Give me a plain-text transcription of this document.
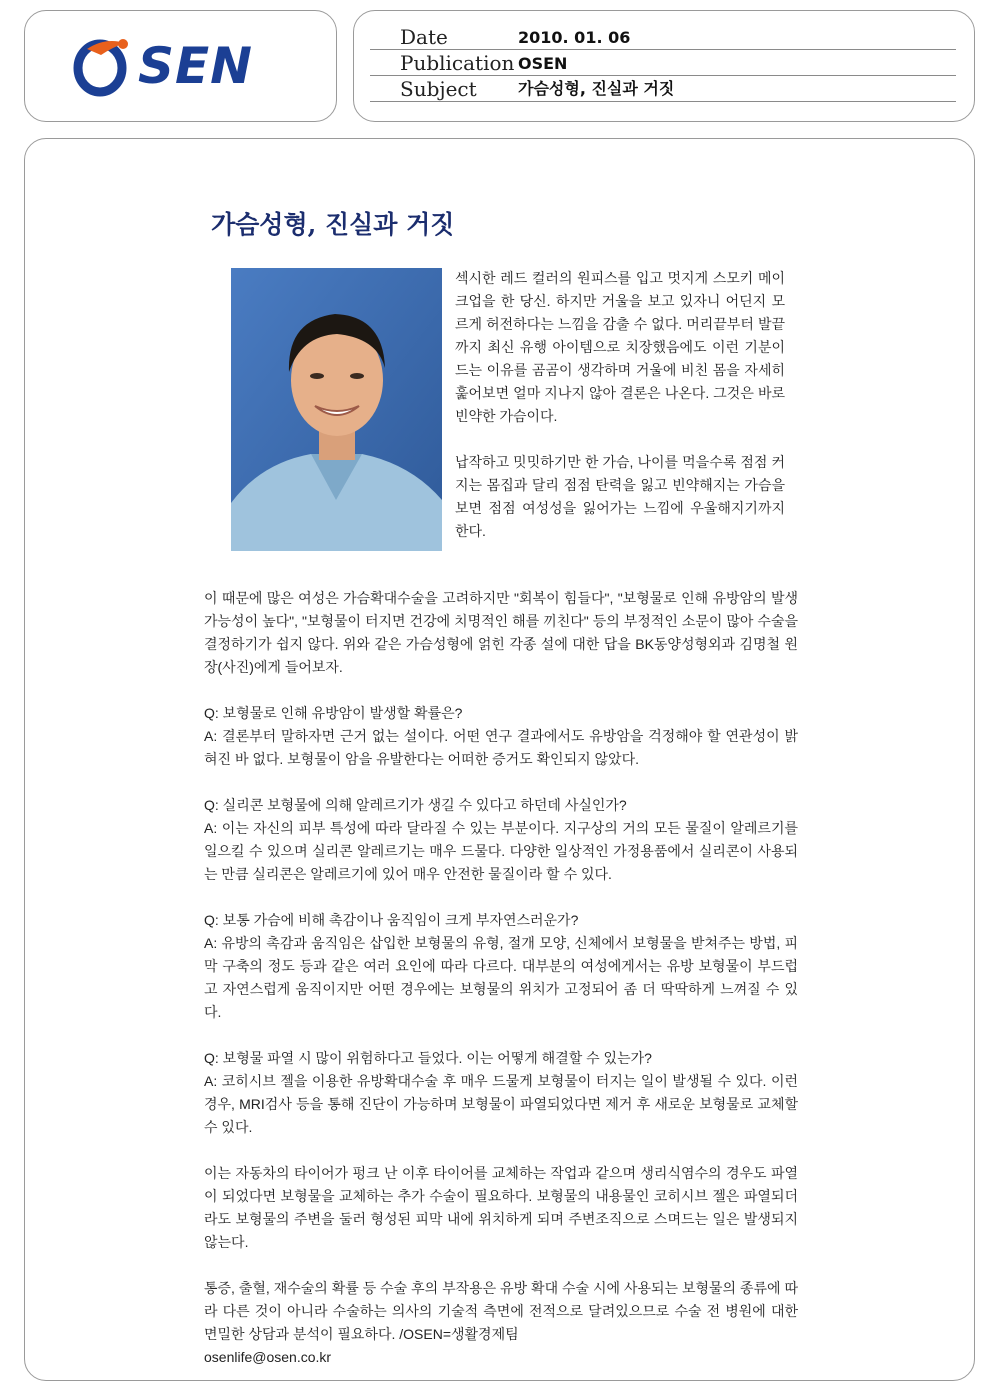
SEN	Date	2010. 01. 06
Publication OSEN
Subject	가슴성형, 진실과 거짓
가슴성형, 진실과 거짓

섹시한 레드 컬러의 원피스를 입고 멋지게 스모키 메이크업을 한 당신. 하지만 거울을 보고 있자니 어딘지 모르게 허전하다는 느낌을 감출 수 없다. 머리끝부터 발끝까지 최신 유행 아이템으로 치장했음에도 이런 기분이 드는 이유를 곰곰이 생각하며 거울에 비친 몸을 자세히 훑어보면 얼마 지나지 않아 결론은 나온다. 그것은 바로 빈약한 가슴이다.

납작하고 밋밋하기만 한 가슴, 나이를 먹을수록 점점 커지는 몸집과 달리 점점 탄력을 잃고 빈약해지는 가슴을 보면 점점 여성성을 잃어가는 느낌에 우울해지기까지 한다.

이 때문에 많은 여성은 가슴확대수술을 고려하지만 "회복이 힘들다", "보형물로 인해 유방암의 발생 가능성이 높다", "보형물이 터지면 건강에 치명적인 해를 끼친다" 등의 부정적인 소문이 많아 수술을 결정하기가 쉽지 않다. 위와 같은 가슴성형에 얽힌 각종 설에 대한 답을 BK동양성형외과 김명철 원장(사진)에게 들어보자.

Q: 보형물로 인해 유방암이 발생할 확률은?
A: 결론부터 말하자면 근거 없는 설이다. 어떤 연구 결과에서도 유방암을 걱정해야 할 연관성이 밝혀진 바 없다. 보형물이 암을 유발한다는 어떠한 증거도 확인되지 않았다.

Q: 실리콘 보형물에 의해 알레르기가 생길 수 있다고 하던데 사실인가?
A: 이는 자신의 피부 특성에 따라 달라질 수 있는 부분이다. 지구상의 거의 모든 물질이 알레르기를 일으킬 수 있으며 실리콘 알레르기는 매우 드물다. 다양한 일상적인 가정용품에서 실리콘이 사용되는 만큼 실리콘은 알레르기에 있어 매우 안전한 물질이라 할 수 있다.

Q: 보통 가슴에 비해 촉감이나 움직임이 크게 부자연스러운가?
A: 유방의 촉감과 움직임은 삽입한 보형물의 유형, 절개 모양, 신체에서 보형물을 받쳐주는 방법, 피막 구축의 정도 등과 같은 여러 요인에 따라 다르다. 대부분의 여성에게서는 유방 보형물이 부드럽고 자연스럽게 움직이지만 어떤 경우에는 보형물의 위치가 고정되어 좀 더 딱딱하게 느껴질 수 있다.

Q: 보형물 파열 시 많이 위험하다고 들었다. 이는 어떻게 해결할 수 있는가?
A: 코히시브 젤을 이용한 유방확대수술 후 매우 드물게 보형물이 터지는 일이 발생될 수 있다. 이런 경우, MRI검사 등을 통해 진단이 가능하며 보형물이 파열되었다면 제거 후 새로운 보형물로 교체할 수 있다.

이는 자동차의 타이어가 펑크 난 이후 타이어를 교체하는 작업과 같으며 생리식염수의 경우도 파열이 되었다면 보형물을 교체하는 추가 수술이 필요하다. 보형물의 내용물인 코히시브 젤은 파열되더라도 보형물의 주변을 둘러 형성된 피막 내에 위치하게 되며 주변조직으로 스며드는 일은 발생되지 않는다.

통증, 출혈, 재수술의 확률 등 수술 후의 부작용은 유방 확대 수술 시에 사용되는 보형물의 종류에 따라 다른 것이 아니라 수술하는 의사의 기술적 측면에 전적으로 달려있으므로 수술 전 병원에 대한 면밀한 상담과 분석이 필요하다. /OSEN=생활경제팀
osenlife@osen.co.kr
